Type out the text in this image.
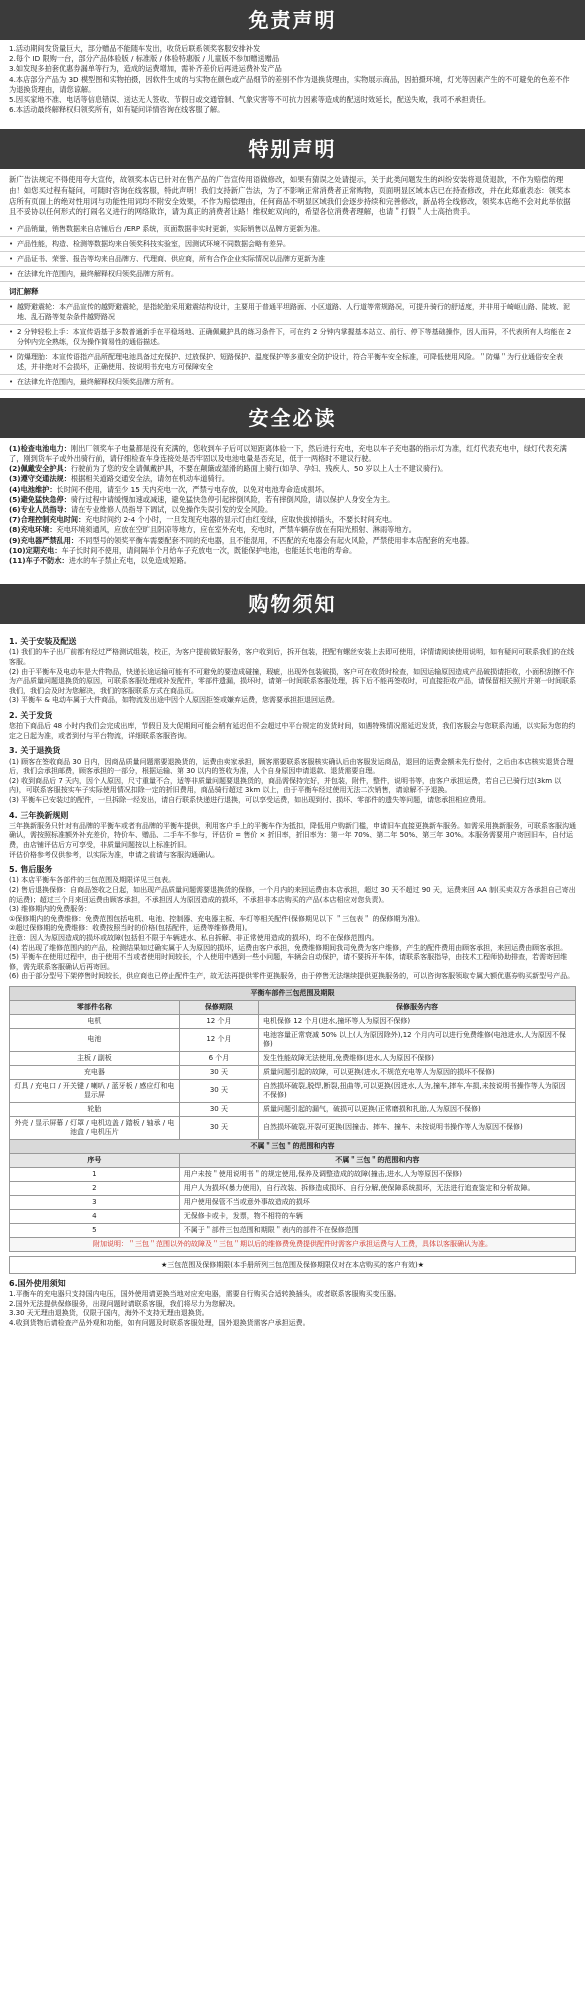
免责声明

1.活动期间发货量巨大，部分赠品不能随车发出，收货后联系领奖客服安排补发

2.每个 ID 限购一台，部分产品体验版 / 标准版 / 体验特惠版 / 儿童版不参加赠送赠品

3.如发现多拍套优惠券漏单等行为，造成的运费增加，需补齐差价后再进运费补发产品

4.本店部分产品为 3D 模型图和实物拍摄，因软件生成的与实物在颜色或产品细节的差别不作为退换货理由，实物展示商品，因拍摄环境，灯光等因素产生的不可避免的色差不作为退换货理由，请您谅解。

5.因买家地不准、电话等信息错误、送达无人签收、节假日或交通管制、气象灾害等不可抗力因素等造成的配送时效延长，配送失败，我司不承担责任。

6.本活动最终解释权归领奖所有，如有疑问详情咨询在线客服了解。

特别声明

新广告法规定不得使用夸大宣传，故领奖本店已针对在售产品的广告宣传用语做修改，如果有猜误之处请提示，关于此类问题发生的纠纷安装将退货退款，不作为赔偿的理由！如您买过程有疑问，可随时咨询在线客服，特此声明！我们支持新广告法，为了不影响正常消费者正常购物，页面明显区域本店已在持查修改，并在此郑重表态：领奖本店所有页面上的绝对性用词与功能性用词均不附安全效果，不作为赔偿理由，任何商品不明显区域我们会逐步持续和完善修改，新品将全线修改，领奖本店绝不会对此举依据且不妥协以任何形式的打闹名义进行的网络欺诈，请为真正的消费者让路！维权蛇双向的，希望各位消费者理解，也请＂打假＂人士高抬贵手。

• 产品销量，销售数据来自店铺后台 /ERP 系统，页面数据非实时更新，实际销售以品牌方更新为准。
• 产品性能，构造、检测等数据均来自领奖科技实验室，因测试环境不同数据会略有差异。
• 产品证书、荣誉、报告等均来自品牌方、代理商、供应商，所有合作企业实际情况以品牌方更新为准
• 在法律允许范围内，最终解释权归领奖品牌方所有。
词汇解释
• 越野避震轮：本产品宣传的越野避震轮，是指轮胎采用避震结构设计，主要用于普通平坦路面、小区道路、人行道等常规路况，可提升骑行的舒适度，并非用于崎岖山路、陡坡、泥地、乱石路等复杂条件越野路况
• 2 分钟轻松上手：本宣传语基于多数普通新手在平稳场地、正确佩戴护具的练习条件下，可在约 2 分钟内掌握基本站立、前行、停下等基础操作，因人而异，不代表所有人均能在 2 分钟内完全熟练，仅为操作简易性的通俗描述。
• 防爆理胎：本宣传语指产品所配理电池具备过充保护、过放保护、短路保护、温度保护等多重安全防护设计，符合平衡车安全标准，可降低使用风险。＂防爆＂为行业通俗安全表述，并非绝对不会损坏，正确使用、按说明书充电方可保障安全
• 在法律允许范围内，最终解释权归领奖品牌方所有。
安全必读

(1)检查电池电力：刚出厂领奖车子电量都是没有充满的，您收到车子后可以短距离体验一下，然后进行充电，充电以车子充电器的指示灯为准，红灯代表充电中，绿灯代表充满了，刚到货车子或外出骑行前，请仔细检查车身连接处是否牢固以及电池电量是否充足，低于一两格时不建议行驶。

(2)佩戴安全护具：行驶前为了您的安全请佩戴护具，不要在颠簸或湿滑的路面上骑行(如孕、孕妇、残疾人、50 岁以上人士不建议骑行)。

(3)遵守交通法规：根据相关道路交通安全法，请勿在机动车道骑行。

(4)电池维护：长时间不使用，请至少 15 天内充电一次，严禁亏电存放，以免对电池寿命造成损坏。

(5)避免猛快急停：骑行过程中请缓慢加速或减速，避免猛快急停引起摔倒风险，若有摔倒风险，请以保护人身安全为主。

(6)专业人员指导：请在专业维修人员指导下调试，以免操作失误引发的安全风险。

(7)合理控制充电时间：充电时间约 2-4 个小时，一旦发现充电器的显示灯由红变绿，应取快拔掉插头，不要长时间充电。

(8)充电环境：充电环境须通风，应放在空旷且阴凉等地方，应在室外充电，充电时，严禁车辆存放在有阳光照射、淋雨等地方。

(9)充电器严禁乱用：不同型号的领奖平衡车需要配套不同的充电器，且不能混用，不匹配的充电器会有起火风险，严禁使用非本店配套的充电器。

(10)定期充电：车子长时间不使用，请间隔半个月给车子充放电一次，既能保护电池，也能延长电池的寿命。

(11)车子不防水：进水的车子禁止充电，以免造成短路。

购物须知
1. 关于安装及配送

(1) 我们的车子出厂前都有经过严格测试组装，校正，为客户提前做好服务，客户收到后，拆开包装，把配有螺丝安装上去即可使用，详情请阅读使用说明，如有疑问可联系我们的在线客服。

(2) 由于平衡车及电动车是大件物品，快递长途运输可能有不可避免的要造成碰撞，瑕疵，出现外包装破损，客户可在收货时检查，如因运输原因造成产品破损请拒收，小面积刮擦不作为产品质量问题退换货的原因，可联系客服处理或补发配件，零部件遗漏，损坏时，请第一时间联系客服处理，拆下后不能再签收时，可直接拒收产品，请保留相关照片并第一时间联系我们，我们会及时为您解决，我们的客服联系方式在商品页。

(3) 平衡车 & 电动车属于大件商品，如物流发出途中因个人原因拒签或嫌弃运费，您需要承担拒退回运费。

2. 关于发货

您拍下商品后 48 小时内我们会完成出库，节假日及大促期间可能会稍有延迟但不会超过中平台规定的发货时间，如遇特殊情况需延迟发货，我们客服会与您联系沟通，以实际为您的约定之日起为准，或者到付与平台物流，详细联系客服咨询。

3. 关于退换货

(1) 顾客在签收商品 30 日内，因商品质量问题需要退换货的，运费由卖家承担，顾客需要联系客服核实确认后由客服发运商品，退回的运费金额未先行垫付，之后由本店核实退货合理后，我们会承担邮费，顾客承担的一部分，根据运输、第 30 以内的签收为准，人个自身原因申请退款、退货需要自理。

(2) 收到商品后 7 天内，因个人原因，尺寸重量不合，适等非质量问题要退换货的，商品需保持完好，并包装，附件，整件，说明书等，由客户承担运费，若自己已骑行过(3km 以内)，可联系客服按实车子实际使用情况扣除一定的折旧费用，商品骑行超过 3km 以上，由于平衡车经过使用无法二次销售，请谅解不予退换。

(3) 平衡车已安装过的配件，一旦拆除一经发出，请自行联系快递进行退换，可以享受运费，如出现到付、损坏、零部件的遗失等问题，请您承担相应费用。

4. 三年换新规则

三年换新服务只针对有品牌的平衡车或者有品牌的平衡车提供，利用客户手上的平衡车作为抵扣，降低用户购新门槛，申请旧车直接更换新车服务。如需采用换新服务，可联系客服沟通确认，需按照标准额外补充差价，特价车、赠品、二手车不参与，评估价 = 售价 × 折旧率，折旧率为：第一年 70%、第二年 50%、第三年 30%。本服务需要用户寄回旧车，自付运费，由店铺评估后方可享受，非质量问题按以上标准折旧。

评估价格参考仅供参考，以实际为准，申请之前请与客服沟通确认。

5. 售后服务

(1) 本店平衡车各部件的三包范围及期限详见三包表。

(2) 售后退换保修：自商品签收之日起，如出现产品质量问题需要退换货的保修，一个月内的来回运费由本店承担，超过 30 天不超过 90 天，运费来回 AA 制(买卖双方各承担自己寄出的运费)；超过三个月来回运费由顾客承担，不承担因人为原因造成的损坏，不承担非本店购买的产品(本店相应对您负责)。

(3) 维修期内的免费服务：

①保修期内的免费维修：免费范围包括电机、电池、控制器、充电器主板、车灯等相关配件(保修期见以下 ＂三包表＂ 的保修期为准)。

②超过保修期的免费维修：收费按照当时的价格(包括配件，运费等维修费用)。

注意：因人为原因造成的损坏或故障(包括但不限于车辆进水、私自拆解、非正常使用造成的损坏)，均不在保修范围内。

(4) 若出现了维修范围内的产品，检测结果如过确实属于人为原因的损坏，运费由客户承担，免费维修期间我司免费为客户维修，产生的配件费用由顾客承担，来回运费由顾客承担。

(5) 平衡车在使用过程中，由于使用不当或者使用时间较长，个人使用中遇到一些小问题，车辆会自动保护，请不要拆开车体，请联系客服指导，由技术工程师协助排查，若需寄回维修，需先联系客服确认后再寄回。

(6) 由于部分型号下架停售时间较长，供应商也已停止配件生产，故无法再提供零件更换服务，由于停售无法继续提供更换服务的，可以咨询客服领取专属大额优惠券购买新型号产品。

平衡车部件三包范围及期限		
零部件名称	保修期限	保修服务内容
电机	12 个月	电机保修 12 个月(进水,撞坏等人为原因不保修)
电池	12 个月	电池容量正常衰减 50% 以上(人为原因除外),12 个月内可以进行免费维修(电池进水,人为原因不保修)
主板 / 副板	6 个月	发生性能故障无法使用,免费维修(进水,人为原因不保修)
充电器	30 天	质量问题引起的故障，可以更换(进水,不规范充电等人为原因的损坏不保修)
灯具 / 充电口 / 开关键 / 喇叭 / 蓝牙板 / 感应灯和电显示屏	30 天	自然损坏破裂,脱焊,断裂,扭曲等,可以更换(因进水,人为,撞车,摔车,车损,未按说明书操作等人为原因不保修)
轮胎	30 天	质量问题引起的漏气，破损可以更换(正常磨损和扎胎,人为原因不保修)
外壳 / 显示屏幕 / 灯罩 / 电机边盖 / 踏板 / 轴承 / 电池盒 / 电机压片	30 天	自然损坏破裂,开裂可更换(因撞击、摔车、撞车、未按说明书操作等人为原因不保修)
不属＂三包＂的范围和内容		
序号	不属＂三包＂的范围和内容	
1	用户未按＂使用说明书＂的规定使用,保养及调整造成的故障(撞击,进水,人为等原因不保修)	
2	用户人为损坏(暴力使用)，自行改装、拆修造成损坏、自行分解,使保障系统损坏，无法进行追查鉴定和分析故障。	
3	用户使用保管不当或意外事故造成的损坏	
4	无保修卡或卡，发票，物不相符的车辆	
5	不属于＂部件三包范围和期限＂表内的部件不在保修范围	
附加说明：＂三包＂范围以外的故障及＂三包＂期以后的维修费免费提供配件时需客户承担运费与人工费，具体以客服确认为准。		
★三包范围及保修期限(本手册所列三包范围及保修期限仅对在本店购买的客户有效)★
6.国外使用须知

1.平衡车的充电器只支持国内电压，国外使用请更换当地对应充电器，需要自行购买合适转换插头，或者联系客服购买变压器。

2.国外无法提供保修服务，出现问题时请联系客服，我们将尽力为您解决。

3.30 天无理由退换货，仅限于国内，海外不支持无理由退换货。

4.收到货物后请检查产品外观和功能，如有问题及时联系客服处理，国外退换货需客户承担运费。
